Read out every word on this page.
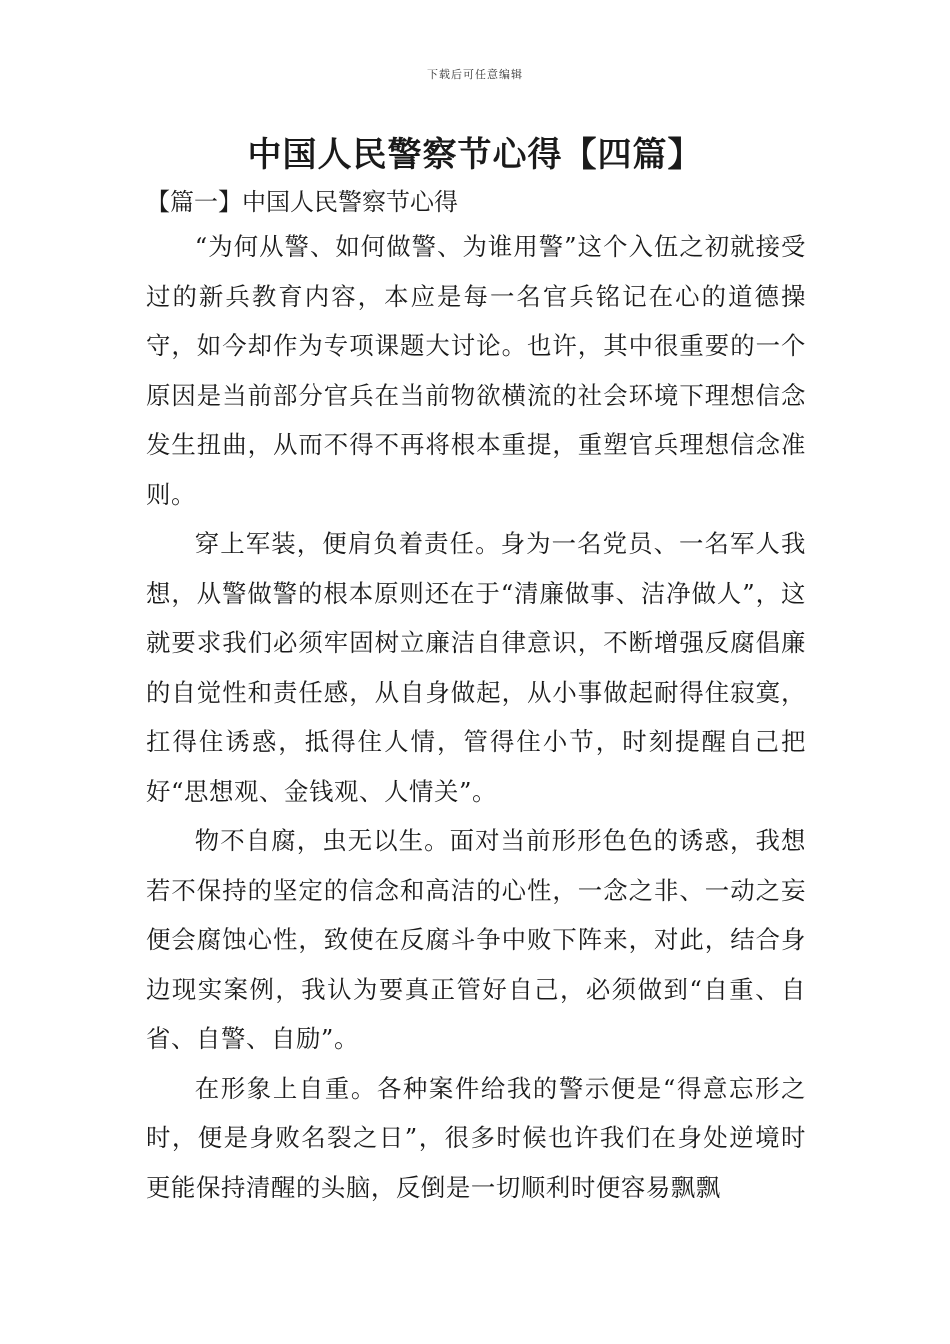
下载后可任意编辑
中国人民警察节心得【四篇】
【篇一】中国人民警察节心得

“为何从警、如何做警、为谁用警”这个入伍之初就接受过的新兵教育内容，本应是每一名官兵铭记在心的道德操守，如今却作为专项课题大讨论。也许，其中很重要的一个原因是当前部分官兵在当前物欲横流的社会环境下理想信念发生扭曲，从而不得不再将根本重提，重塑官兵理想信念准则。

穿上军装，便肩负着责任。身为一名党员、一名军人我想，从警做警的根本原则还在于“清廉做事、洁净做人”，这就要求我们必须牢固树立廉洁自律意识，不断增强反腐倡廉的自觉性和责任感，从自身做起，从小事做起耐得住寂寞，扛得住诱惑，抵得住人情，管得住小节，时刻提醒自己把好“思想观、金钱观、人情关”。

物不自腐，虫无以生。面对当前形形色色的诱惑，我想若不保持的坚定的信念和高洁的心性，一念之非、一动之妄便会腐蚀心性，致使在反腐斗争中败下阵来，对此，结合身边现实案例，我认为要真正管好自己，必须做到“自重、自省、自警、自励”。

在形象上自重。各种案件给我的警示便是“得意忘形之时，便是身败名裂之日”，很多时候也许我们在身处逆境时更能保持清醒的头脑，反倒是一切顺利时便容易飘飘
